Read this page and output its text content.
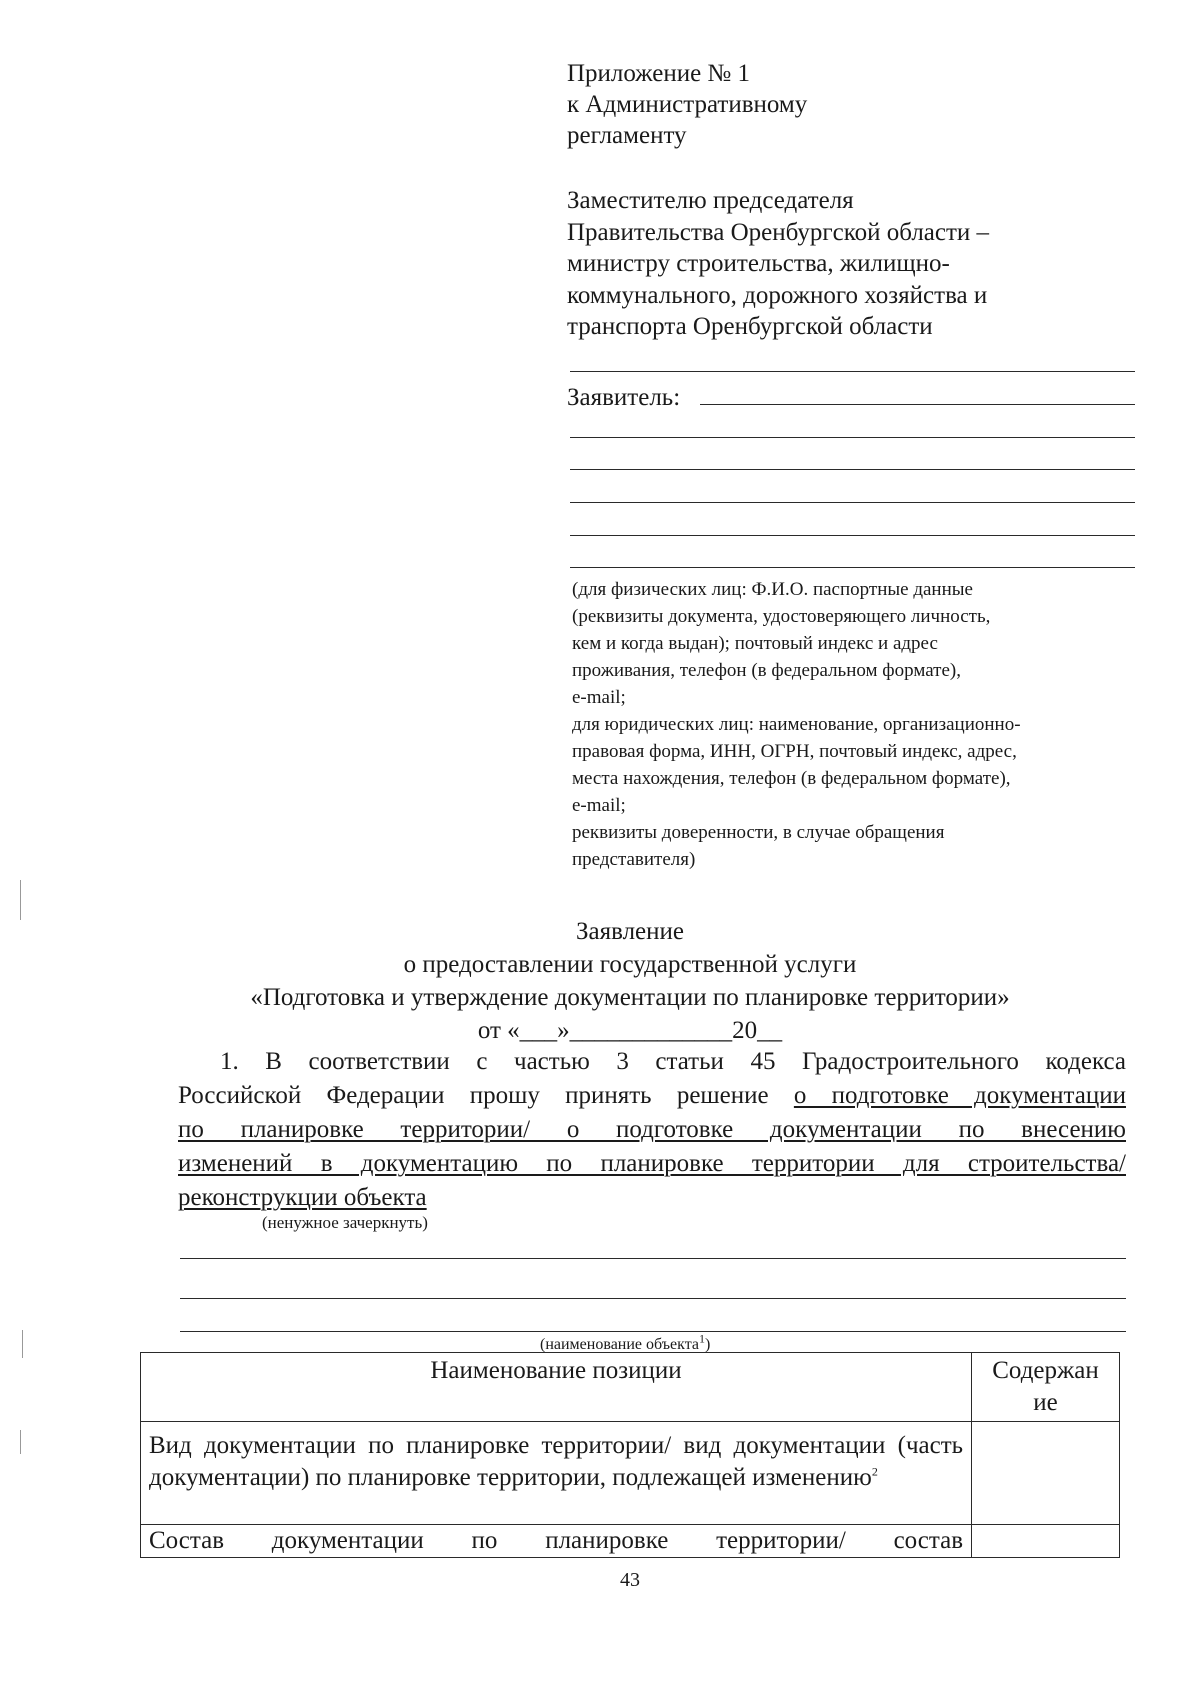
Приложение № 1
к Административному
регламенту
Заместителю председателя
Правительства Оренбургской области –
министру строительства, жилищно-
коммунального, дорожного хозяйства и
транспорта Оренбургской области
Заявитель:
(для физических лиц: Ф.И.О. паспортные данные
(реквизиты документа, удостоверяющего личность,
кем и когда выдан); почтовый индекс и адрес
проживания, телефон (в федеральном формате),
e-mail;
для юридических лиц: наименование, организационно-
правовая форма, ИНН, ОГРН, почтовый индекс, адрес,
места нахождения, телефон (в федеральном формате),
e-mail;
реквизиты доверенности, в случае обращения
представителя)
Заявление
о предоставлении государственной услуги
«Подготовка и утверждение документации по планировке территории»
от «___»_____________20__
1. В соответствии с частью 3 статьи 45 Градостроительного кодекса
Российской Федерации прошу принять решение о подготовке документации
по планировке территории/ о подготовке документации по внесению
изменений в документацию по планировке территории для строительства/
реконструкции объекта
(ненужное зачеркнуть)
(наименование объекта$^1$)
Наименование позиции	Содержан
ие

Вид документации по планировке территории/ вид документации (часть документации) по планировке территории, подлежащей изменению$^2$	
Состав документации по планировке территории/ состав	
43
